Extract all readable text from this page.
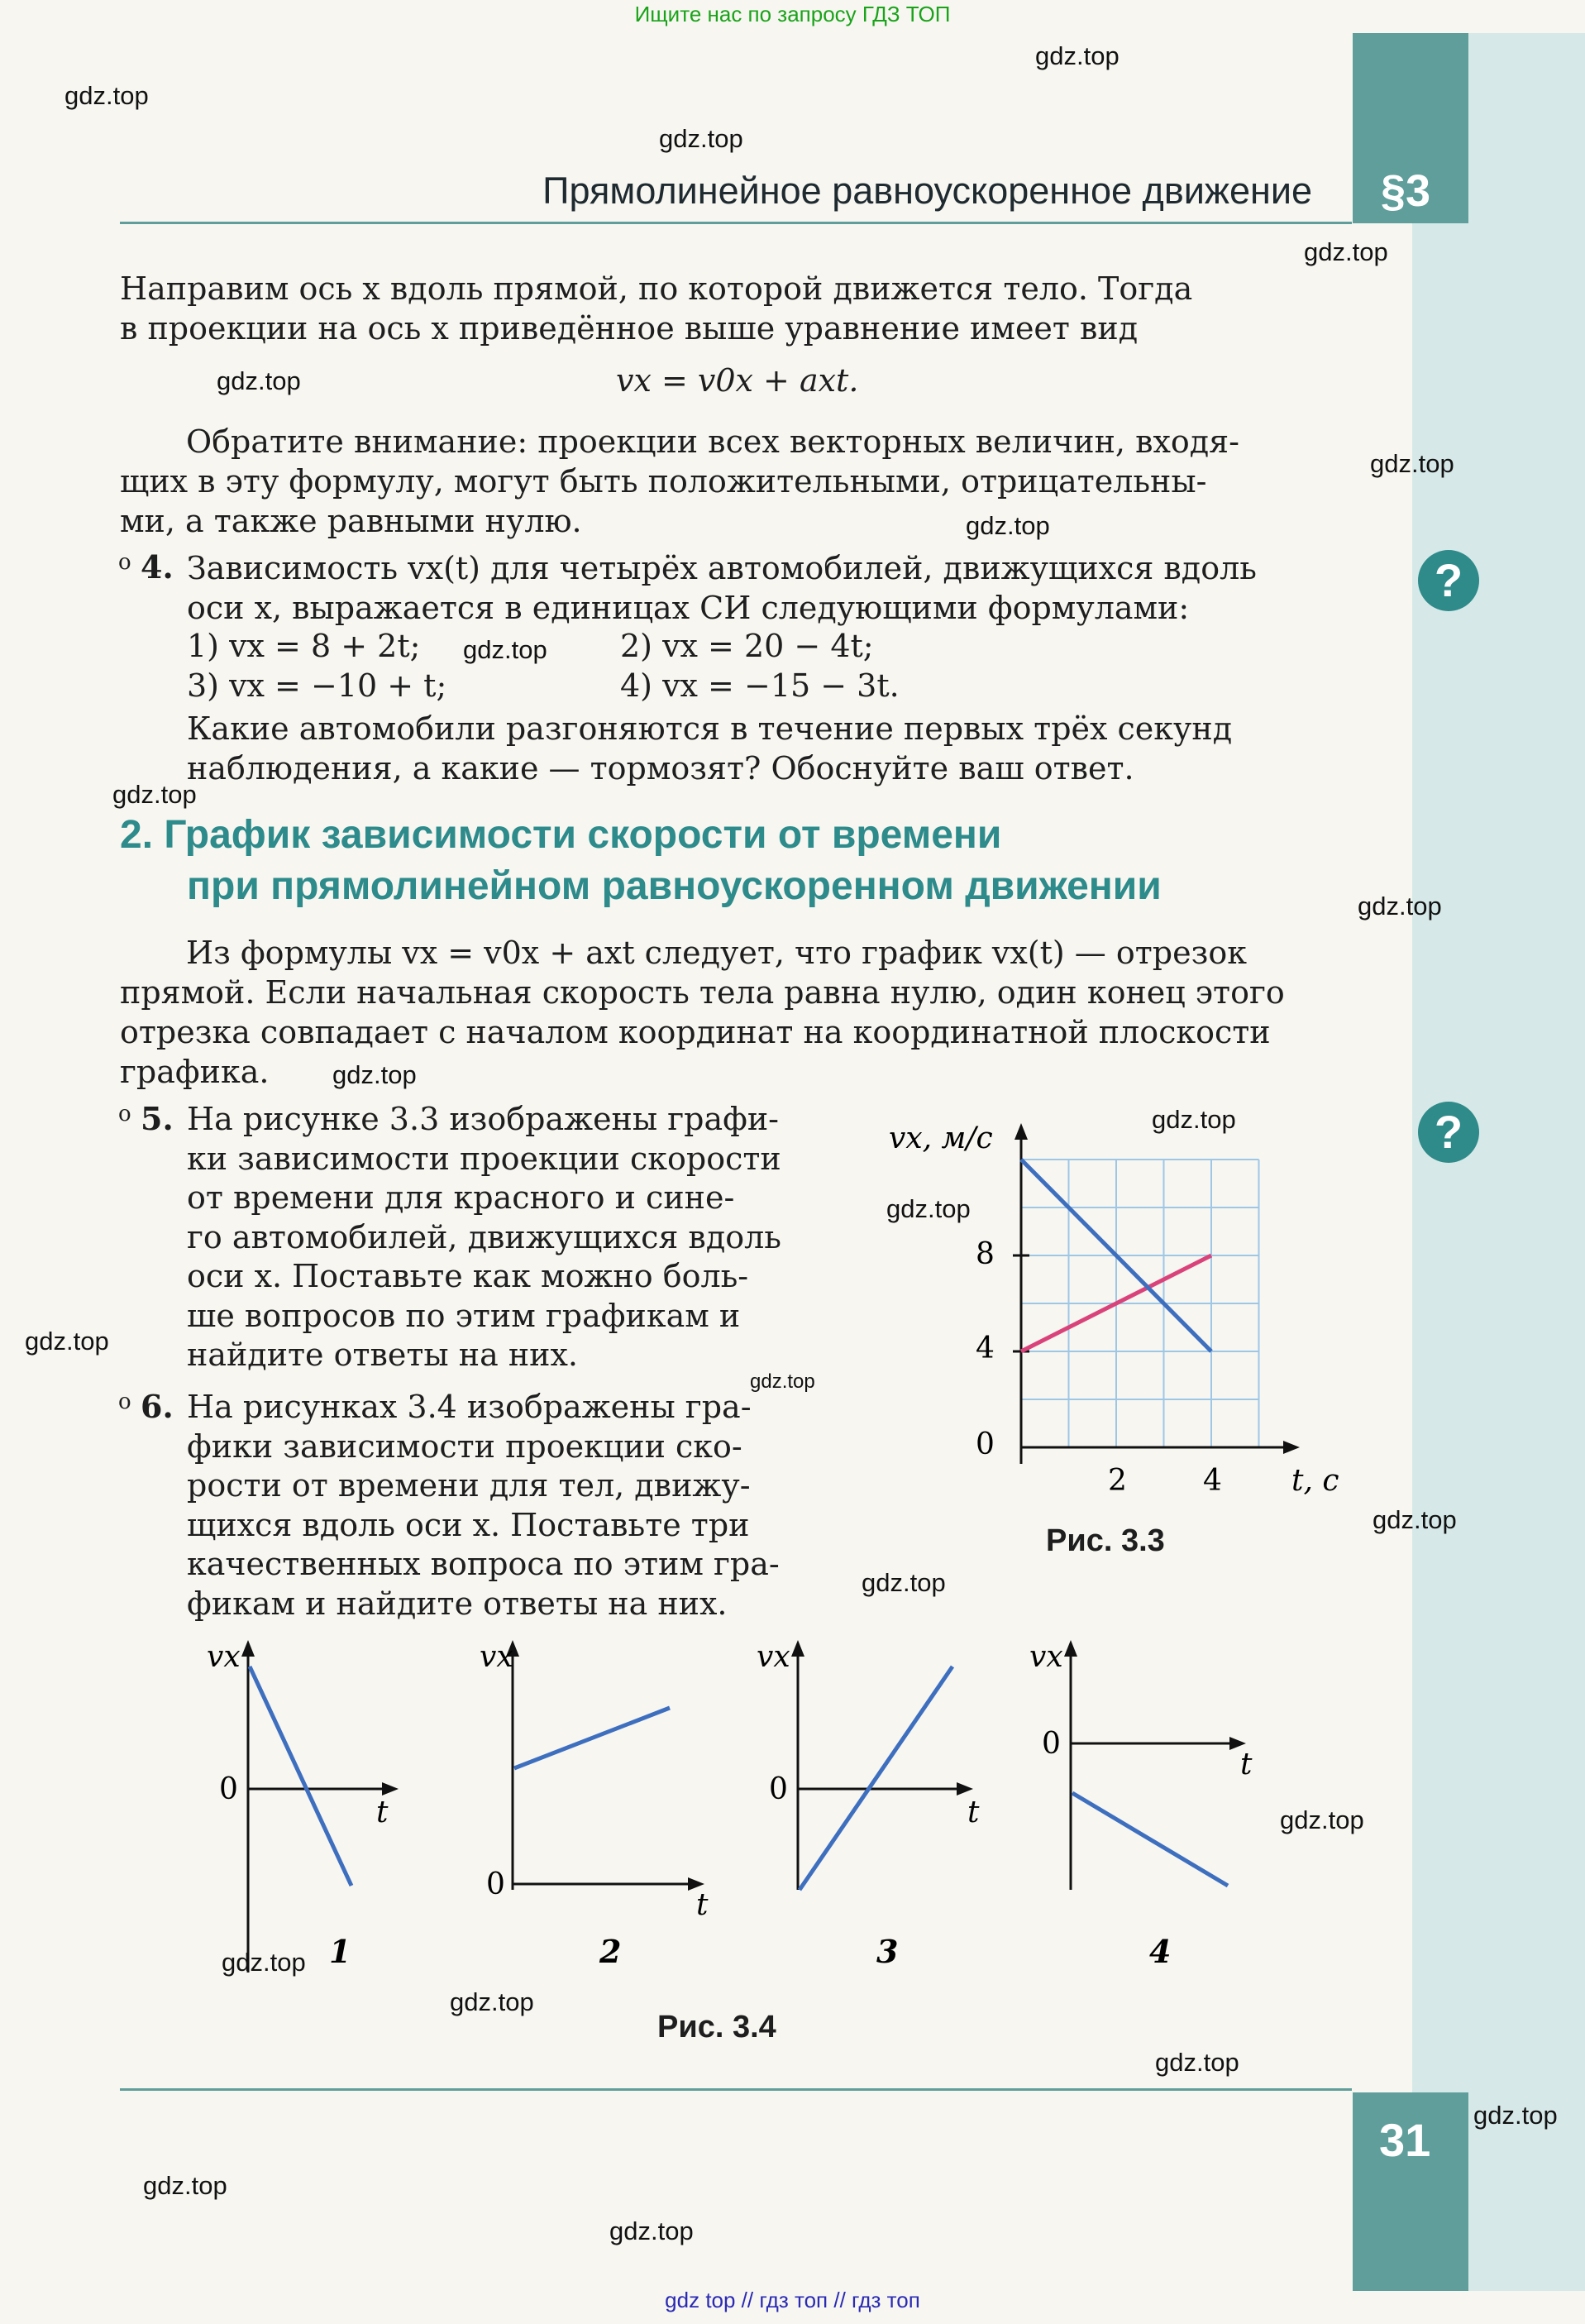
Ищите нас по запросу ГДЗ ТОП
gdz top // гдз топ // гдз топ
gdz.top
gdz.top
gdz.top
gdz.top
gdz.top
gdz.top
gdz.top
gdz.top
gdz.top
gdz.top
gdz.top
gdz.top
gdz.top
gdz.top
gdz.top
gdz.top
gdz.top
gdz.top
gdz.top
gdz.top
gdz.top
gdz.top
gdz.top
gdz.top
Прямолинейное равноускоренное движение §3
Направим ось x вдоль прямой, по которой движется тело. Тогда
в проекции на ось x приведённое выше уравнение имеет вид
vx = v0x + axt.
Обратите внимание: проекции всех векторных величин, входя-
щих в эту формулу, могут быть положительными, отрицательны-
ми, а также равными нулю.
o 4. Зависимость vx(t) для четырёх автомобилей, движущихся вдоль
оси x, выражается в единицах СИ следующими формулами:
1) vx = 8 + 2t;	2) vx = 20 − 4t;
3) vx = −10 + t;	4) vx = −15 − 3t.
Какие автомобили разгоняются в течение первых трёх секунд
наблюдения, а какие — тормозят? Обоснуйте ваш ответ.
?
2. График зависимости скорости от времени
при прямолинейном равноускоренном движении
Из формулы vx = v0x + axt следует, что график vx(t) — отрезок
прямой. Если начальная скорость тела равна нулю, один конец этого
отрезка совпадает с началом координат на координатной плоскости
графика.
o 5. На рисунке 3.3 изображены графи-
ки зависимости проекции скорости
от времени для красного и сине-
го автомобилей, движущихся вдоль
оси x. Поставьте как можно боль-
ше вопросов по этим графикам и
найдите ответы на них.
?
o 6. На рисунках 3.4 изображены гра-
фики зависимости проекции ско-
рости от времени для тел, движу-
щихся вдоль оси x. Поставьте три
качественных вопроса по этим гра-
фикам и найдите ответы на них.
vx, м/с
8
4
0
2	4 t, c
Рис. 3.3
vx
0
t
1
vx
0
t
2
vx
0
t
3
vx
0
t
4
Рис. 3.4
31
